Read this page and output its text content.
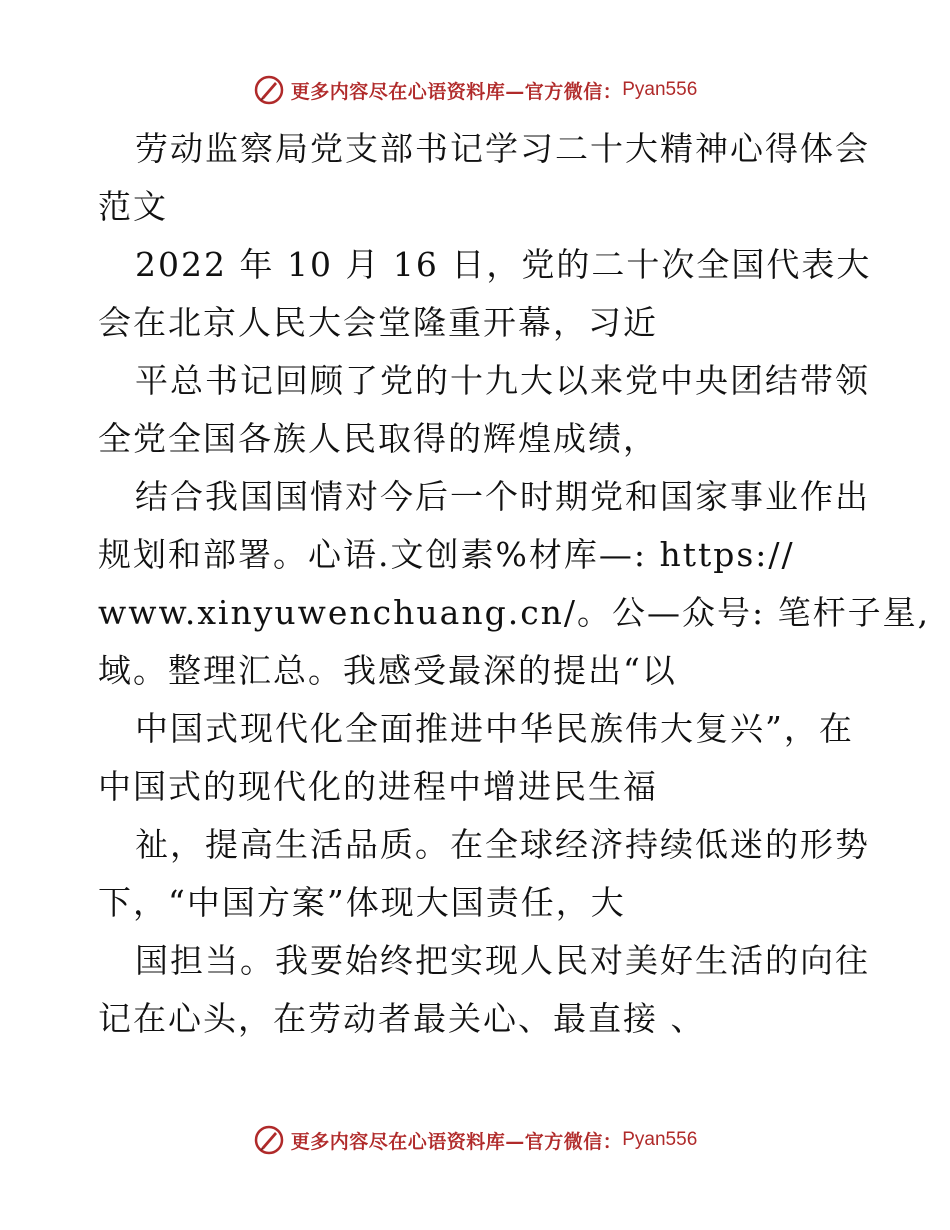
更多内容尽在心语资料库—官方微信： Pyan556
劳动监察局党支部书记学习二十大精神心得体会
范文
2022 年 10 月 16 日，党的二十次全国代表大
会在北京人民大会堂隆重开幕，习近
平总书记回顾了党的十九大以来党中央团结带领
全党全国各族人民取得的辉煌成绩，
结合我国国情对今后一个时期党和国家事业作出
规划和部署。心语.文创素%材库—: https://
www.xinyuwenchuang.cn/。公—众号: 笔杆子星,
域。整理汇总。我感受最深的提出“以
中国式现代化全面推进中华民族伟大复兴”，在
中国式的现代化的进程中增进民生福
祉，提高生活品质。在全球经济持续低迷的形势
下，“中国方案”体现大国责任，大
国担当。我要始终把实现人民对美好生活的向往
记在心头，在劳动者最关心、最直接 、
更多内容尽在心语资料库—官方微信： Pyan556
